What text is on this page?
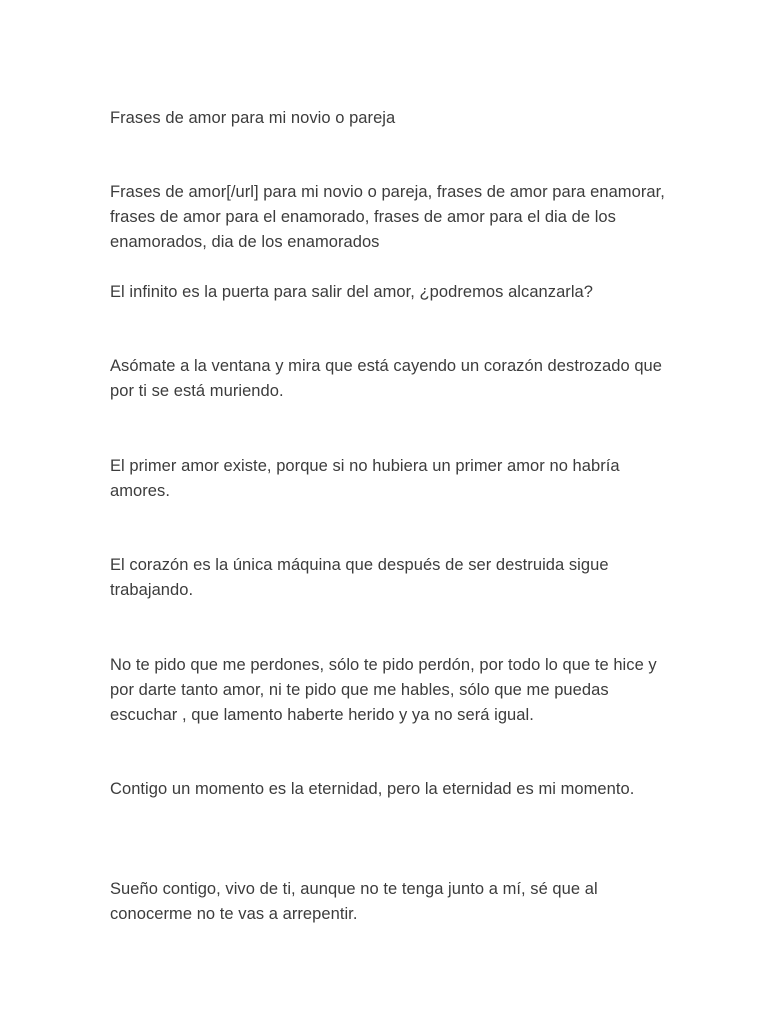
Frases de amor para mi novio o pareja

Frases de amor[/url] para mi novio o pareja, frases de amor para enamorar, frases de amor para el enamorado, frases de amor para el dia de los enamorados, dia de los enamorados

El infinito es la puerta para salir del amor, ¿podremos alcanzarla?

Asómate a la ventana y mira que está cayendo un corazón destrozado que por ti se está muriendo.

El primer amor existe, porque si no hubiera un primer amor no habría amores.

El corazón es la única máquina que después de ser destruida sigue trabajando.

No te pido que me perdones, sólo te pido perdón, por todo lo que te hice y por darte tanto amor, ni te pido que me hables, sólo que me puedas escuchar , que lamento haberte herido y ya no será igual.

Contigo un momento es la eternidad, pero la eternidad es mi momento.

Sueño contigo, vivo de ti, aunque no te tenga junto a mí, sé que al conocerme no te vas a arrepentir.
